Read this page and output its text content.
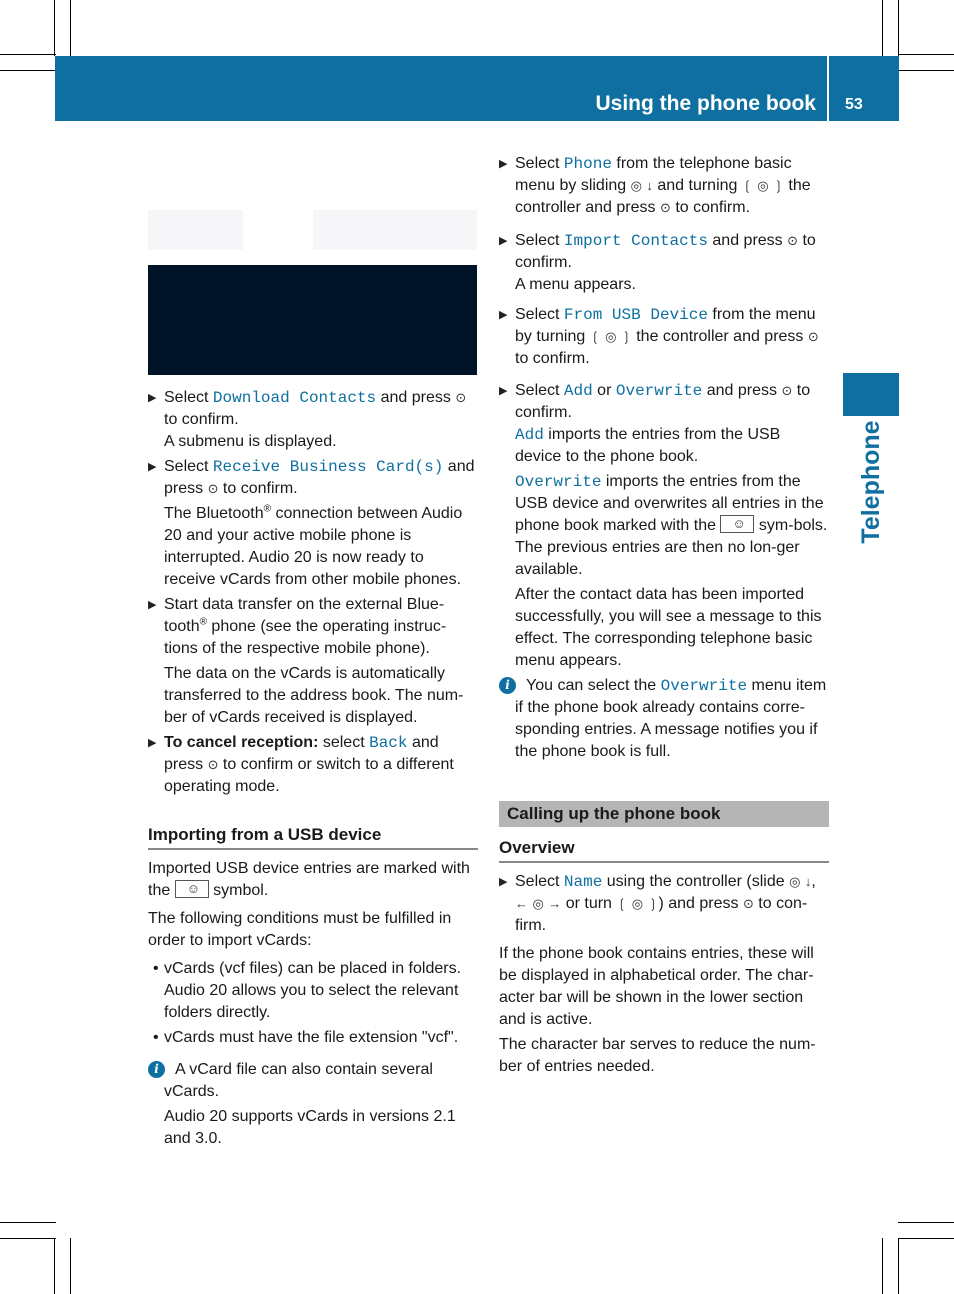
Using the phone book 53
Telephone
▶ Select Download Contacts and press ⊙ to confirm.

A submenu is displayed.

▶ Select Receive Business Card(s) and press ⊙ to confirm.

The Bluetooth® connection between Audio 20 and your active mobile phone is interrupted. Audio 20 is now ready to receive vCards from other mobile phones.

▶ Start data transfer on the external Blue-tooth® phone (see the operating instruc-tions of the respective mobile phone).

The data on the vCards is automatically transferred to the address book. The num-ber of vCards received is displayed.

▶ To cancel reception: select Back and press ⊙ to confirm or switch to a different operating mode.

Importing from a USB device

Imported USB device entries are marked with the ☺ symbol.

The following conditions must be fulfilled in order to import vCards:

• vCards (vcf files) can be placed in folders. Audio 20 allows you to select the relevant folders directly.

• vCards must have the file extension "vcf".

i	A vCard file can also contain several vCards.

Audio 20 supports vCards in versions 2.1 and 3.0.

▶ Select Phone from the telephone basic menu by sliding ◎ ↓ and turning ❲ ◎ ❳ the controller and press ⊙ to confirm.

▶ Select Import Contacts and press ⊙ to confirm.

A menu appears.

▶ Select From USB Device from the menu by turning ❲ ◎ ❳ the controller and press ⊙ to confirm.

▶ Select Add or Overwrite and press ⊙ to confirm.

Add imports the entries from the USB device to the phone book.

Overwrite imports the entries from the USB device and overwrites all entries in the phone book marked with the ☺ sym-bols. The previous entries are then no lon-ger available.

After the contact data has been imported successfully, you will see a message to this effect. The corresponding telephone basic menu appears.

i	You can select the Overwrite menu item if the phone book already contains corre-sponding entries. A message notifies you if the phone book is full.

Calling up the phone book
Overview
▶ Select Name using the controller (slide ◎ ↓, ← ◎ → or turn ❲ ◎ ❳) and press ⊙ to con-firm.

If the phone book contains entries, these will be displayed in alphabetical order. The char-acter bar will be shown in the lower section and is active.

The character bar serves to reduce the num-ber of entries needed.
